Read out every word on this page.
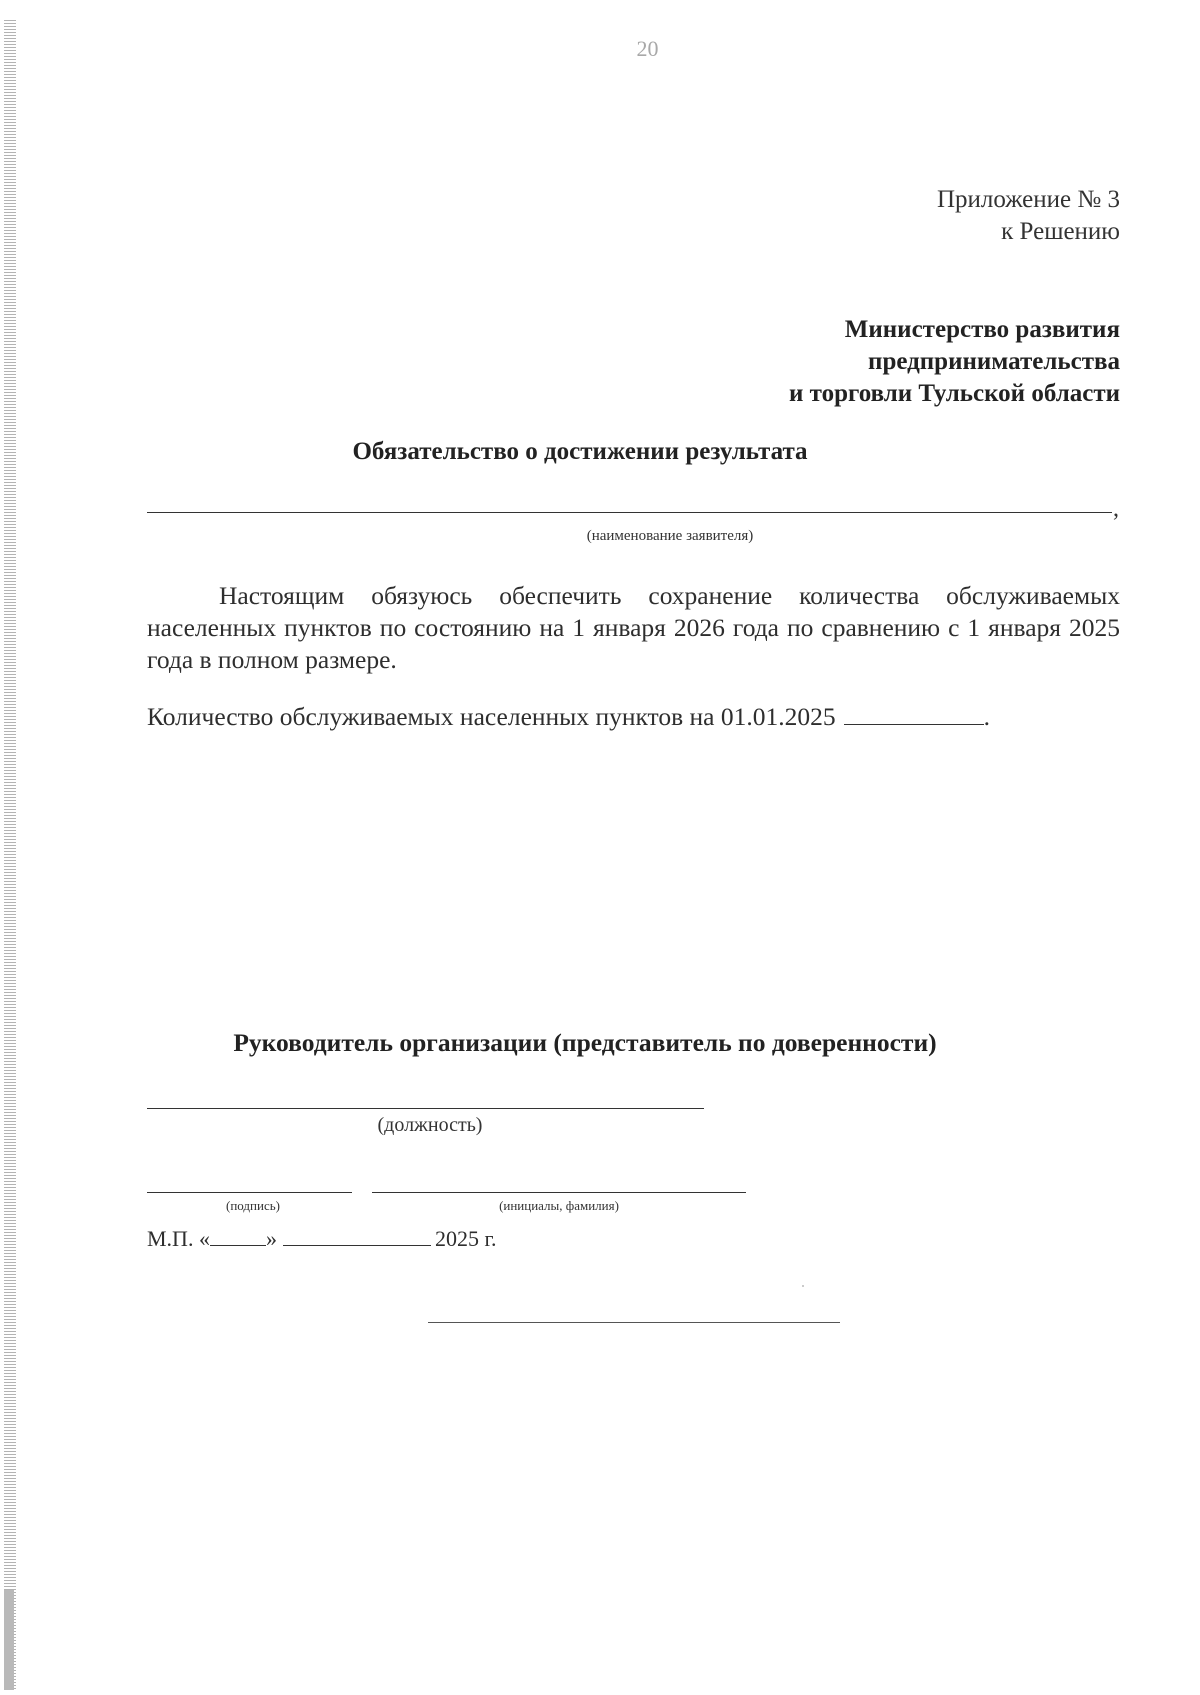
20
Приложение № 3
к Решению
Министерство развития
предпринимательства
и торговли Тульской области
Обязательство о достижении результата
,
(наименование заявителя)

Настоящим обязуюсь обеспечить сохранение количества обслуживаемых населенных пунктов по состоянию на 1 января 2026 года по сравнению с 1 января 2025 года в полном размере.

Количество обслуживаемых населенных пунктов на 01.01.2025	.
Руководитель организации (представитель по доверенности)
(должность)
(подпись)	(инициалы, фамилия)
М.П. «	»	2025 г.
